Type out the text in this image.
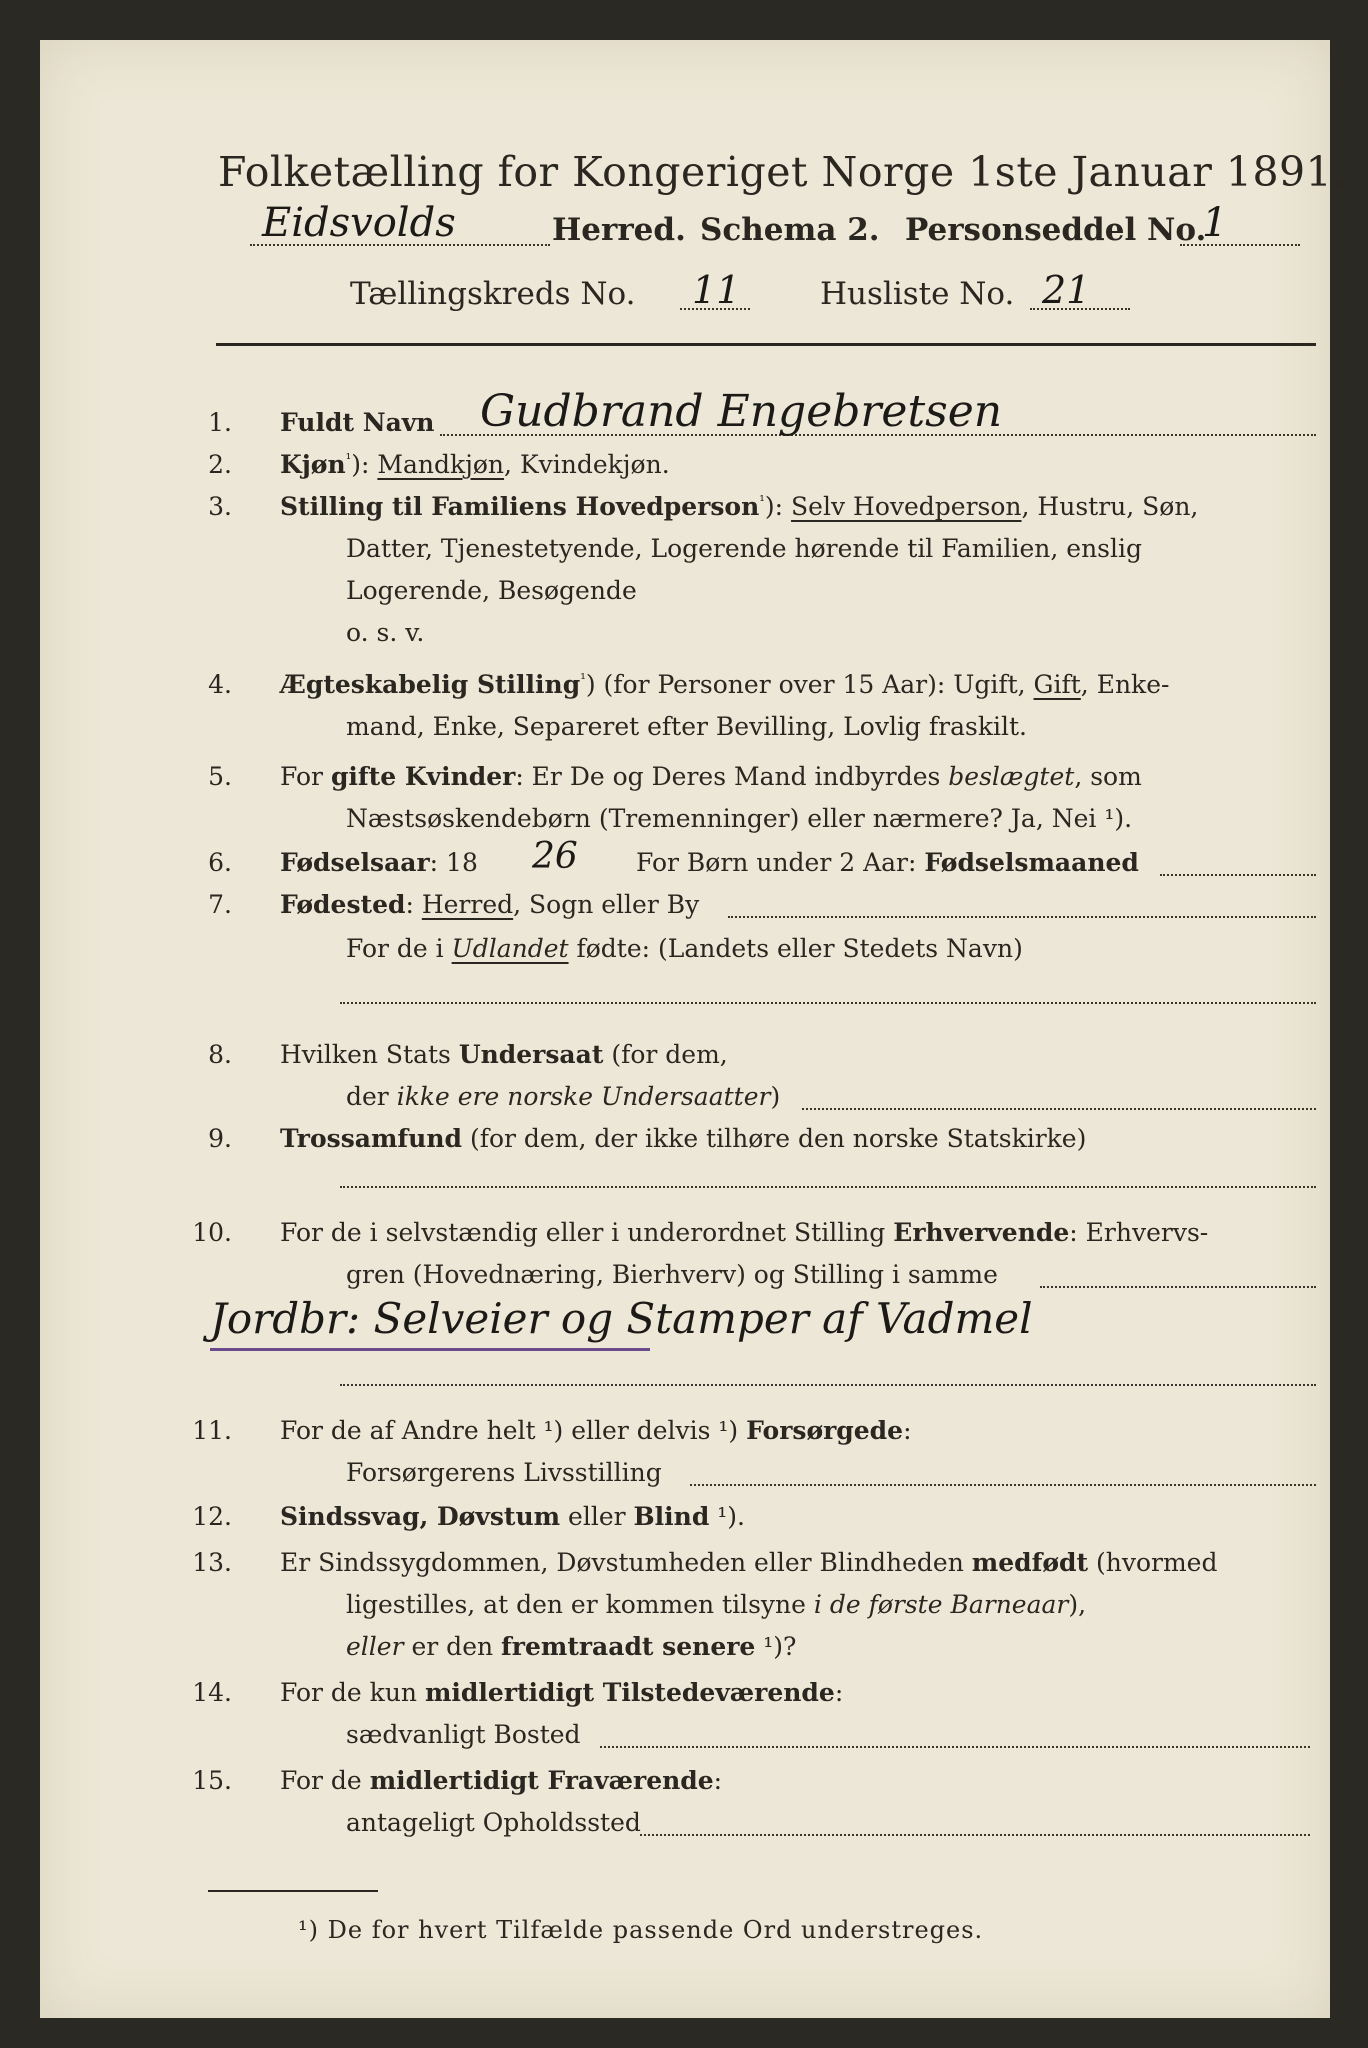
Folketælling for Kongeriget Norge 1ste Januar 1891.
Eidsvolds	Herred. Schema 2. Personseddel No.
1
Tællingskreds No. 11	Husliste No. 21
1. Fuldt Navn Gudbrand Engebretsen
2. Kjøn$^{^1}$): Mandkjøn, Kvindekjøn.
3. Stilling til Familiens Hovedperson$^{^1}$): Selv Hovedperson, Hustru, Søn,
Datter, Tjenestetyende, Logerende hørende til Familien, enslig
Logerende, Besøgende
o. s. v.
4. Ægteskabelig Stilling$^{^1}$) (for Personer over 15 Aar): Ugift, Gift, Enke-
mand, Enke, Separeret efter Bevilling, Lovlig fraskilt.
5. For gifte Kvinder: Er De og Deres Mand indbyrdes beslægtet, som
Næstsøskendebørn (Tremenninger) eller nærmere? Ja, Nei ¹).
6. Fødselsaar: 18 26 For Børn under 2 Aar: Fødselsmaaned
7. Fødested: Herred, Sogn eller By
For de i Udlandet fødte: (Landets eller Stedets Navn)
8. Hvilken Stats Undersaat (for dem,
der ikke ere norske Undersaatter)
9. Trossamfund (for dem, der ikke tilhøre den norske Statskirke)
10. For de i selvstændig eller i underordnet Stilling Erhvervende: Erhvervs-
gren (Hovednæring, Bierhverv) og Stilling i samme
Jordbr: Selveier og Stamper af Vadmel
11. For de af Andre helt ¹) eller delvis ¹) Forsørgede:
Forsørgerens Livsstilling
12. Sindssvag, Døvstum eller Blind ¹).
13. Er Sindssygdommen, Døvstumheden eller Blindheden medfødt (hvormed
ligestilles, at den er kommen tilsyne i de første Barneaar),
eller er den fremtraadt senere ¹)?
14. For de kun midlertidigt Tilstedeværende:
sædvanligt Bosted
15. For de midlertidigt Fraværende:
antageligt Opholdssted
¹) De for hvert Tilfælde passende Ord understreges.
